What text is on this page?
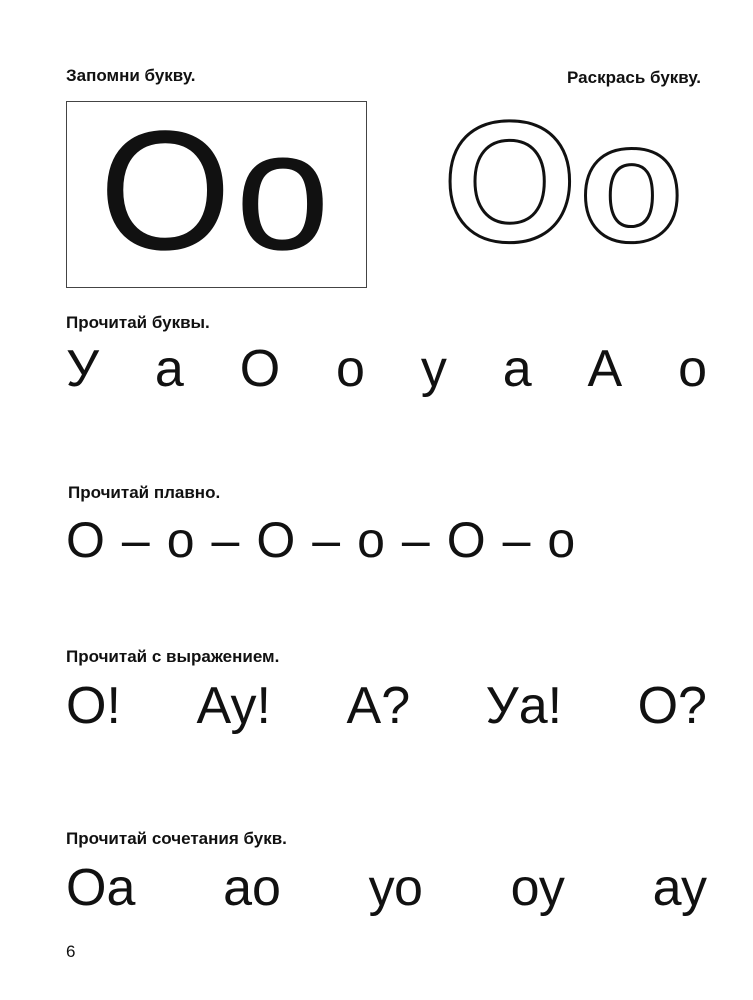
Запомни букву.	Раскрась букву.
Оо Оо
Прочитай буквы.
У а О о у а А о
Прочитай плавно.
О – о – О – о – О – о
Прочитай с выражением.
О! Ау! А? Уа! О?
Прочитай сочетания букв.
Оа ао уо оу ау
6
